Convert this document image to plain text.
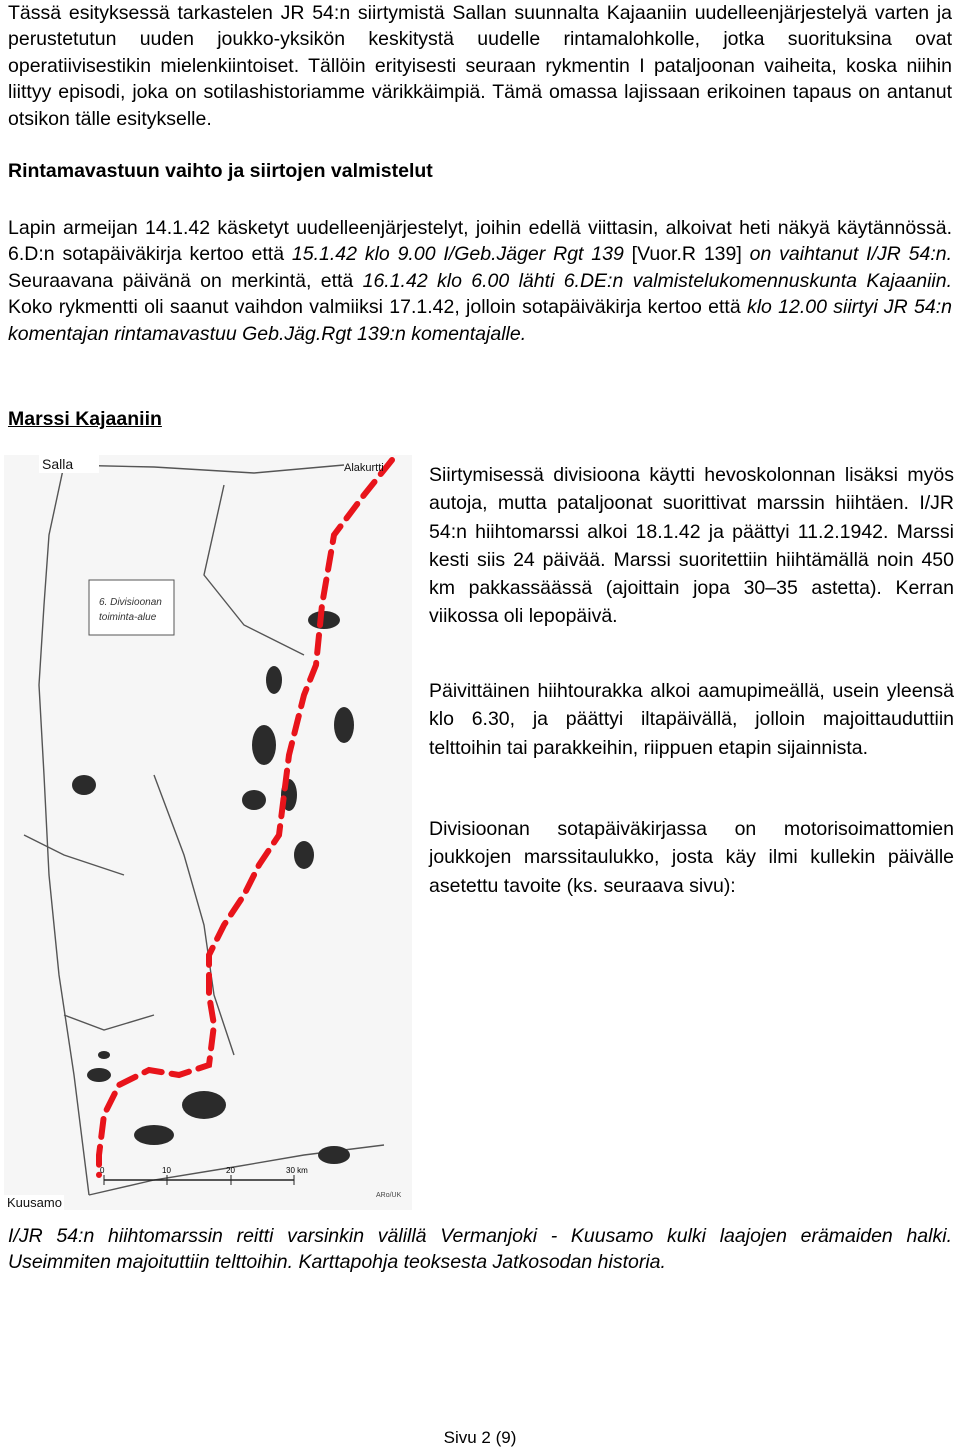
Tässä esityksessä tarkastelen JR 54:n siirtymistä Sallan suunnalta Kajaaniin uudelleenjärjestelyä varten ja perustetutun uuden joukko-yksikön keskitystä uudelle rintamalohkolle, jotka suorituksina ovat operatiivisestikin mielenkiintoiset. Tällöin erityisesti seuraan rykmentin I pataljoonan vaiheita, koska niihin liittyy episodi, joka on sotilashistoriamme värikkäimpiä. Tämä omassa lajissaan erikoinen tapaus on antanut otsikon tälle esitykselle.

Rintamavastuun vaihto ja siirtojen valmistelut

Lapin armeijan 14.1.42 käsketyt uudelleenjärjestelyt, joihin edellä viittasin, alkoivat heti näkyä käytännössä. 6.D:n sotapäiväkirja kertoo että 15.1.42 klo 9.00 I/Geb.Jäger Rgt 139 [Vuor.R 139] on vaihtanut I/JR 54:n. Seuraavana päivänä on merkintä, että 16.1.42 klo 6.00 lähti 6.DE:n valmistelukomennuskunta Kajaaniin. Koko rykmentti oli saanut vaihdon valmiiksi 17.1.42, jolloin sotapäiväkirja kertoo että klo 12.00 siirtyi JR 54:n komentajan rintamavastuu Geb.Jäg.Rgt 139:n komentajalle.

Marssi Kajaaniin
6. Divisioonan
toiminta-alue
Salla	Alakurtti
Kuusamo	ARo/UK
0	10	20	30 km

Siirtymisessä divisioona käytti hevoskolonnan lisäksi myös autoja, mutta pataljoonat suorittivat marssin hiihtäen. I/JR 54:n hiihtomarssi alkoi 18.1.42 ja päättyi 11.2.1942. Marssi kesti siis 24 päivää. Marssi suoritettiin hiihtämällä noin 450 km pakkassäässä (ajoittain jopa 30–35 astetta). Kerran viikossa oli lepopäivä.

Päivittäinen hiihtourakka alkoi aamupimeällä, usein yleensä klo 6.30, ja päättyi iltapäivällä, jolloin majoittauduttiin telttoihin tai parakkeihin, riippuen etapin sijainnista.

Divisioonan sotapäiväkirjassa on motorisoimattomien joukkojen marssitaulukko, josta käy ilmi kullekin päivälle asetettu tavoite (ks. seuraava sivu):

I/JR 54:n hiihtomarssin reitti varsinkin välillä Vermanjoki - Kuusamo kulki laajojen erämaiden halki. Useimmiten majoituttiin telttoihin. Karttapohja teoksesta Jatkosodan historia.

Sivu 2 (9)
